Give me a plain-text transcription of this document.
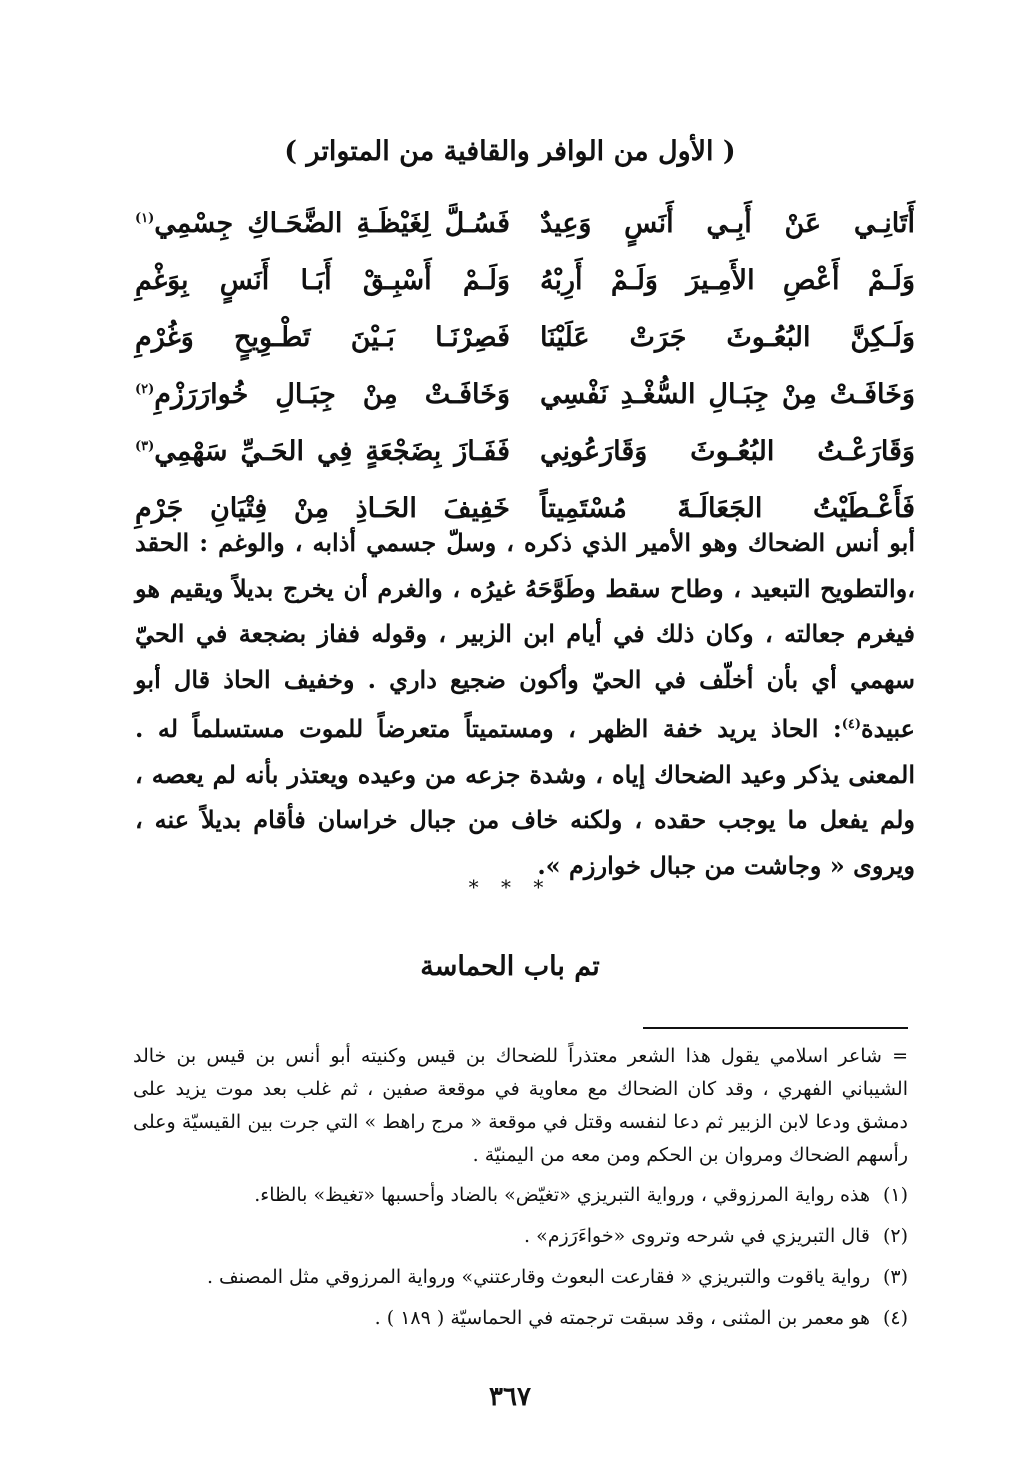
( الأول من الوافر والقافية من المتواتر )
أَتَانِـي عَنْ أَبِـي أَنَسٍ وَعِيدٌ
فَسُـلَّ لِغَيْظَـةِ الضَّحَـاكِ جِسْمِي$^{(١)}$
وَلَـمْ أَعْصِ الأَمِـيرَ وَلَـمْ أَرِبْهُ
وَلَـمْ أَسْبِـقْ أَبَـا أَنَسٍ بِوَغْمِ
وَلَـكِنَّ البُعُـوثَ جَرَتْ عَلَيْنَا
فَصِرْنَـا بَـيْنَ تَطْـوِيحٍ وَغُرْمِ
وَخَافَـتْ مِنْ جِبَـالِ السُّغْـدِ نَفْسِي
وَخَافَـتْ مِنْ جِبَـالِ خُوارَرَزْمِ$^{(٢)}$
وَقَارَعْـتُ البُعُـوثَ وَقَارَعُونِي
فَفَـازَ بِضَجْعَةٍ فِي الحَـيِّ سَهْمِي$^{(٣)}$
فَأَعْـطَيْتُ الجَعَالَـةَ مُسْتَمِيتاً
خَفِيفَ الحَـاذِ مِنْ فِتْيَانِ جَرْمِ

أبو أنس الضحاك وهو الأمير الذي ذكره ، وسلّ جسمي أذابه ، والوغم : الحقد ،والتطويح التبعيد ، وطاح سقط وطَوَّحَهُ غيرُه ، والغرم أن يخرج بديلاً ويقيم هو فيغرم جعالته ، وكان ذلك في أيام ابن الزبير ، وقوله ففاز بضجعة في الحيّ سهمي أي بأن أخلّف في الحيّ وأكون ضجيع داري . وخفيف الحاذ قال أبو عبيدة$^{(٤)}$: الحاذ يريد خفة الظهر ، ومستميتاً متعرضاً للموت مستسلماً له . المعنى يذكر وعيد الضحاك إياه ، وشدة جزعه من وعيده ويعتذر بأنه لم يعصه ، ولم يفعل ما يوجب حقده ، ولكنه خاف من جبال خراسان فأقام بديلاً عنه ، ويروى « وجاشت من جبال خوارزم ».

* * *
تم باب الحماسة

= شاعر اسلامي يقول هذا الشعر معتذراً للضحاك بن قيس وكنيته أبو أنس بن قيس بن خالد الشيباني الفهري ، وقد كان الضحاك مع معاوية في موقعة صفين ، ثم غلب بعد موت يزيد على دمشق ودعا لابن الزبير ثم دعا لنفسه وقتل في موقعة « مرج راهط » التي جرت بين القيسيّة وعلى رأسهم الضحاك ومروان بن الحكم ومن معه من اليمنيّة .

(١)
هذه رواية المرزوقي ، ورواية التبريزي «تغيّض» بالضاد وأحسبها «تغيظ» بالظاء.
(٢)
قال التبريزي في شرحه وتروى «خواءَرَزم» .
(٣)
رواية ياقوت والتبريزي « فقارعت البعوث وقارعتني» ورواية المرزوقي مثل المصنف .
(٤)
هو معمر بن المثنى ، وقد سبقت ترجمته في الحماسيّة ( ١٨٩ ) .
٣٦٧
